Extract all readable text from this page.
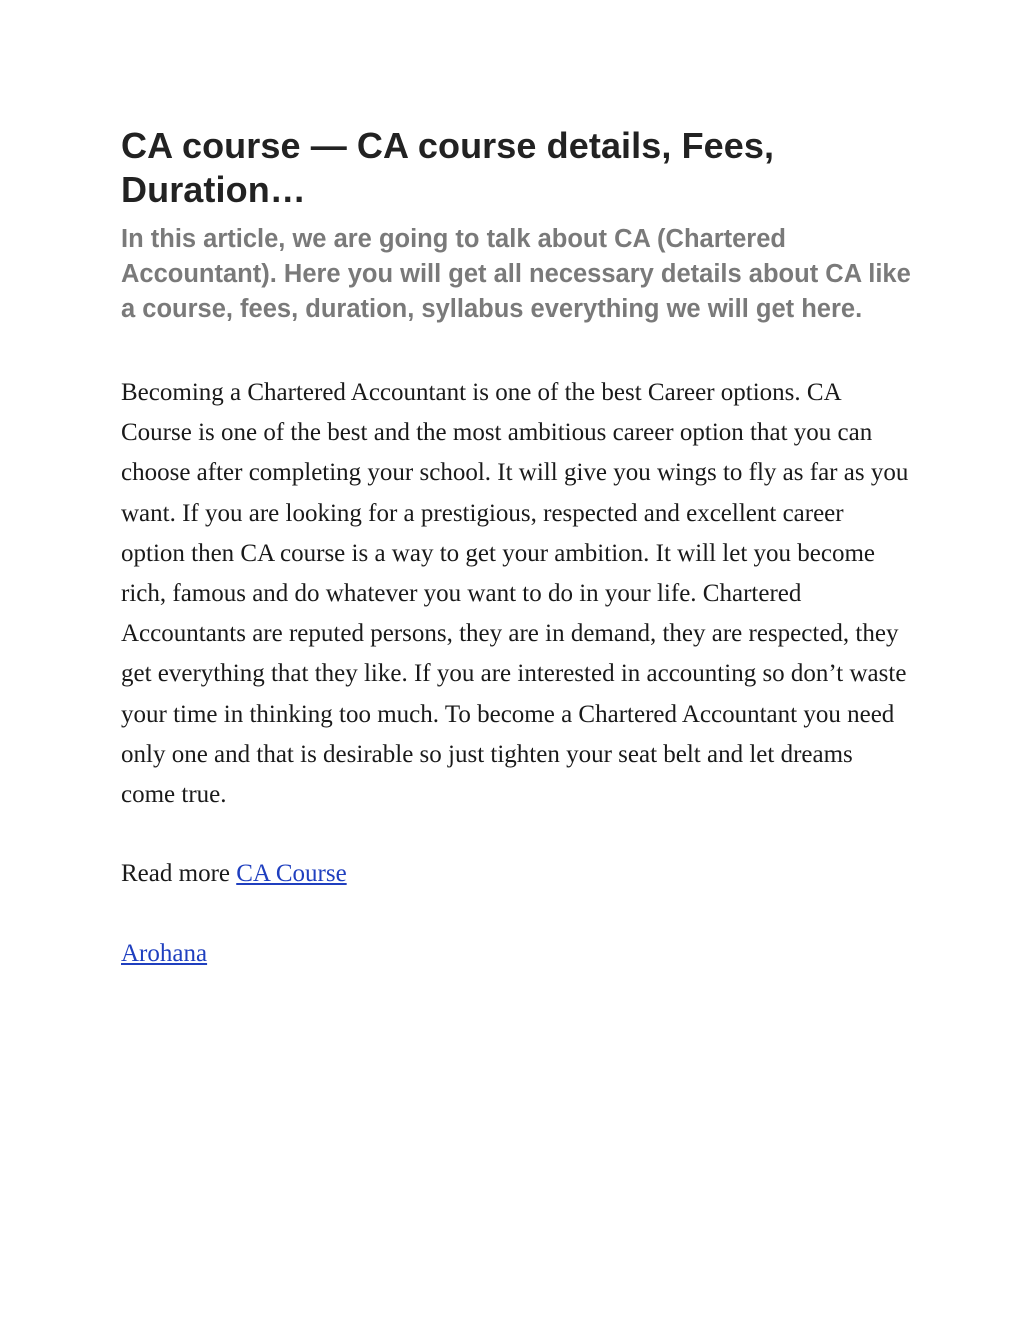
CA course — CA course details, Fees, Duration…

In this article, we are going to talk about CA (Chartered Accountant). Here you will get all necessary details about CA like a course, fees, duration, syllabus everything we will get here.

Becoming a Chartered Accountant is one of the best Career options. CA Course is one of the best and the most ambitious career option that you can choose after completing your school. It will give you wings to fly as far as you want. If you are looking for a prestigious, respected and excellent career option then CA course is a way to get your ambition. It will let you become rich, famous and do whatever you want to do in your life. Chartered Accountants are reputed persons, they are in demand, they are respected, they get everything that they like. If you are interested in accounting so don’t waste your time in thinking too much. To become a Chartered Accountant you need only one and that is desirable so just tighten your seat belt and let dreams come true.

Read more CA Course

Arohana
